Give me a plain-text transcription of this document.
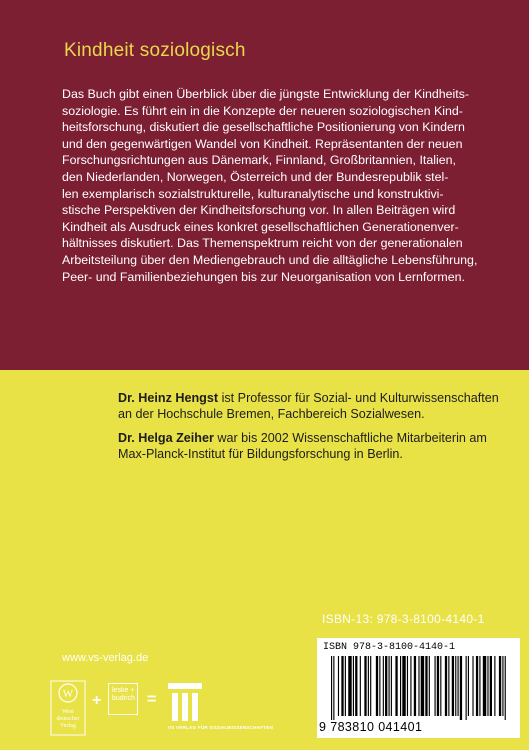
Kindheit soziologisch
Das Buch gibt einen Überblick über die jüngste Entwicklung der Kindheits-
soziologie. Es führt ein in die Konzepte der neueren soziologischen Kind-
heitsforschung, diskutiert die gesellschaftliche Positionierung von Kindern
und den gegenwärtigen Wandel von Kindheit. Repräsentanten der neuen
Forschungsrichtungen aus Dänemark, Finnland, Großbritannien, Italien,
den Niederlanden, Norwegen, Österreich und der Bundesrepublik stel-
len exemplarisch sozialstrukturelle, kulturanalytische und konstruktivi-
stische Perspektiven der Kindheitsforschung vor. In allen Beiträgen wird
Kindheit als Ausdruck eines konkret gesellschaftlichen Generationenver-
hältnisses diskutiert. Das Themenspektrum reicht von der generationalen
Arbeitsteilung über den Mediengebrauch und die alltägliche Lebensführung,
Peer- und Familienbeziehungen bis zur Neuorganisation von Lernformen.
Dr. Heinz Hengst ist Professor für Sozial- und Kulturwissenschaften
an der Hochschule Bremen, Fachbereich Sozialwesen.
Dr. Helga Zeiher war bis 2002 Wissenschaftliche Mitarbeiterin am
Max-Planck-Institut für Bildungsforschung in Berlin.
ISBN-13: 978-3-8100-4140-1
ISBN 978-3-8100-4140-1
9 783810 041401
www.vs-verlag.de
W
West
deutscher
Verlag
+
leske +
budrich =
VS VERLAG FÜR SOZIALWISSENSCHAFTEN
